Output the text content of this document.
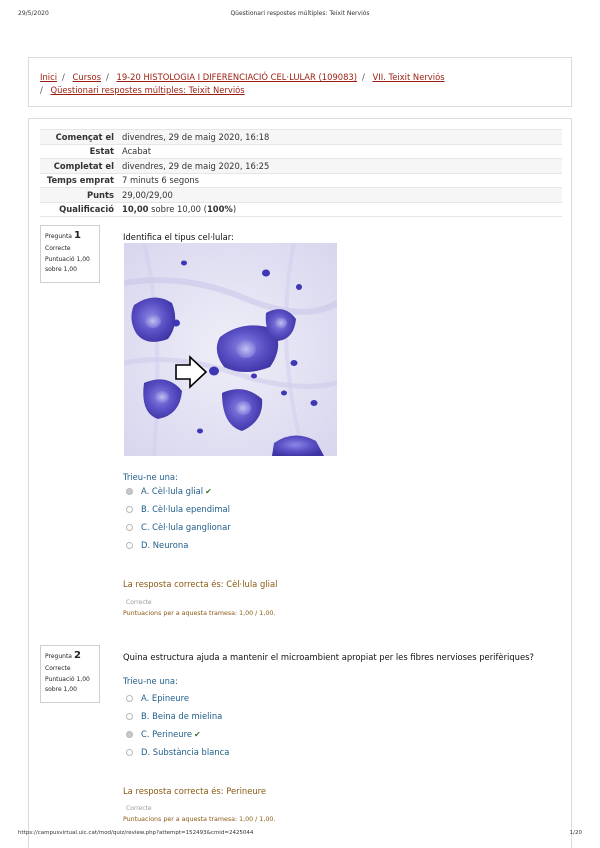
29/5/2020	Qüestionari respostes múltiples: Teixit Nerviós
Inici / Cursos / 19-20 HISTOLOGIA I DIFERENCIACIÓ CEL·LULAR (109083) / VII. Teixit Nerviós
/ Qüestionari respostes múltiples: Teixit Nerviós
Començat el	divendres, 29 de maig 2020, 16:18
Estat	Acabat
Completat el	divendres, 29 de maig 2020, 16:25
Temps emprat	7 minuts 6 segons
Punts	29,00/29,00
Qualificació	10,00 sobre 10,00 (100%)
Pregunta 1
Correcte
Puntuació 1,00
sobre 1,00
Identifica el tipus cel·lular:
Trieu-ne una:
A. Cèl·lula glial ✔
B. Cèl·lula ependimal
C. Cèl·lula ganglionar
D. Neurona
La resposta correcta és: Cèl·lula glial
Correcte
Puntuacions per a aquesta tramesa: 1,00 / 1,00.
Pregunta 2
Correcte
Puntuació 1,00
sobre 1,00
Quina estructura ajuda a mantenir el microambient apropiat per les fibres nervioses perifèriques?
Trieu-ne una:
A. Epineure
B. Beina de mielina
C. Perineure ✔
D. Substància blanca
La resposta correcta és: Perineure
Correcte
Puntuacions per a aquesta tramesa: 1,00 / 1,00.
https://campusvirtual.uic.cat/mod/quiz/review.php?attempt=152493&cmid=2425044	1/20
